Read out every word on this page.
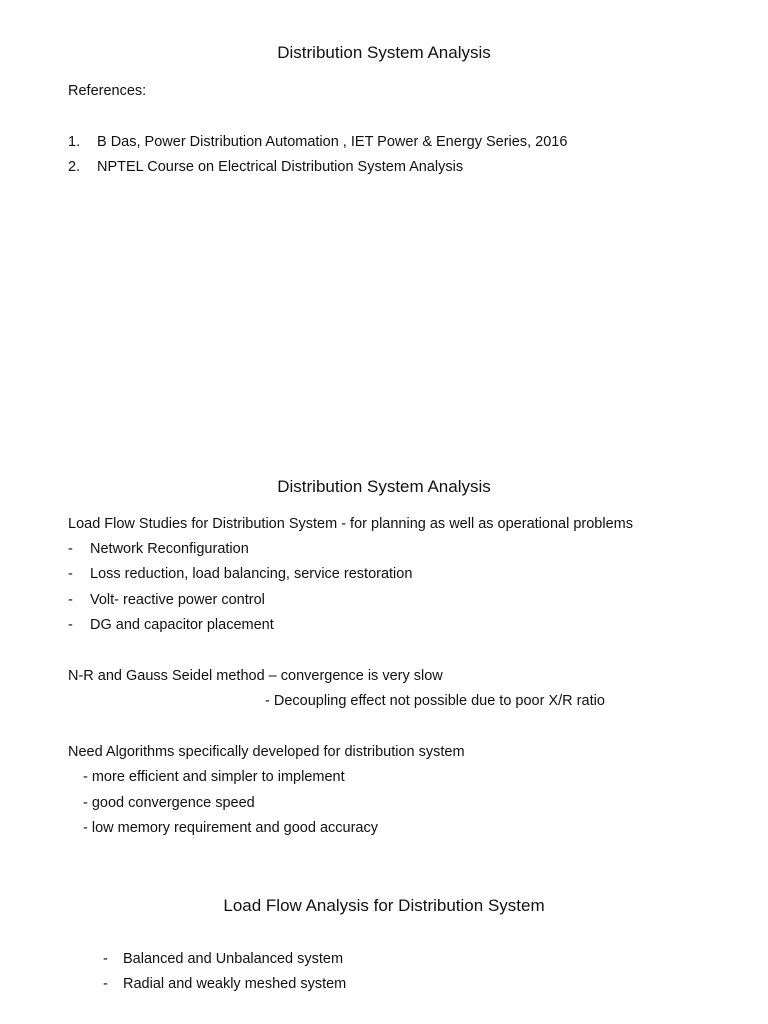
Distribution System Analysis
References:
1. B Das, Power Distribution Automation , IET Power & Energy Series, 2016
2. NPTEL Course on Electrical Distribution System Analysis
Distribution System Analysis
Load Flow Studies for Distribution System - for planning as well as operational problems
- Network Reconfiguration
- Loss reduction, load balancing, service restoration
- Volt- reactive power control
- DG and capacitor placement
N-R and Gauss Seidel method – convergence is very slow
- Decoupling effect not possible due to poor X/R ratio
Need Algorithms specifically developed for distribution system
- more efficient and simpler to implement
- good convergence speed
- low memory requirement and good accuracy
Load Flow Analysis for Distribution System
- Balanced and Unbalanced system
- Radial and weakly meshed system
